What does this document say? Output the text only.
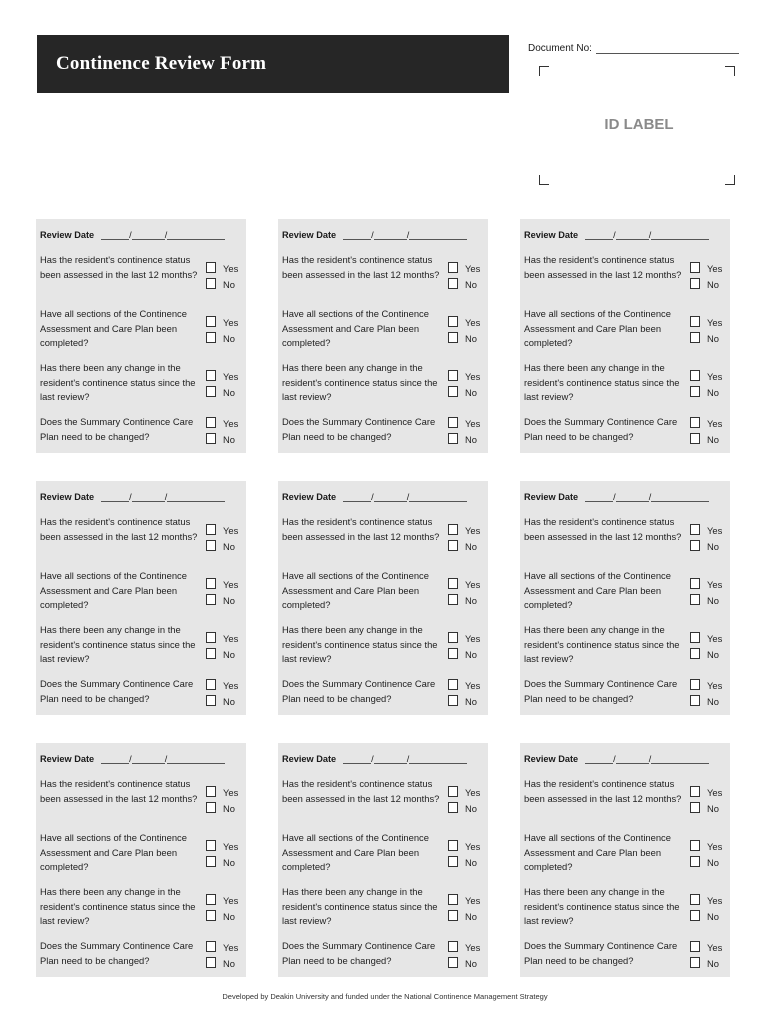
Continence Review Form
Document No:
ID LABEL
Review Date	/	/
Has the resident's continence status been assessed in the last 12 months?
Yes
No
Have all sections of the Continence Assessment and Care Plan been completed?
Yes
No
Has there been any change in the resident's continence status since the last review?
Yes
No
Does the Summary Continence Care Plan need to be changed?
Yes
No
Review Date	/	/
Has the resident's continence status been assessed in the last 12 months?
Yes
No
Have all sections of the Continence Assessment and Care Plan been completed?
Yes
No
Has there been any change in the resident's continence status since the last review?
Yes
No
Does the Summary Continence Care Plan need to be changed?
Yes
No
Review Date	/	/
Has the resident's continence status been assessed in the last 12 months?
Yes
No
Have all sections of the Continence Assessment and Care Plan been completed?
Yes
No
Has there been any change in the resident's continence status since the last review?
Yes
No
Does the Summary Continence Care Plan need to be changed?
Yes
No
Review Date	/	/
Has the resident's continence status been assessed in the last 12 months?
Yes
No
Have all sections of the Continence Assessment and Care Plan been completed?
Yes
No
Has there been any change in the resident's continence status since the last review?
Yes
No
Does the Summary Continence Care Plan need to be changed?
Yes
No
Review Date	/	/
Has the resident's continence status been assessed in the last 12 months?
Yes
No
Have all sections of the Continence Assessment and Care Plan been completed?
Yes
No
Has there been any change in the resident's continence status since the last review?
Yes
No
Does the Summary Continence Care Plan need to be changed?
Yes
No
Review Date	/	/
Has the resident's continence status been assessed in the last 12 months?
Yes
No
Have all sections of the Continence Assessment and Care Plan been completed?
Yes
No
Has there been any change in the resident's continence status since the last review?
Yes
No
Does the Summary Continence Care Plan need to be changed?
Yes
No
Review Date	/	/
Has the resident's continence status been assessed in the last 12 months?
Yes
No
Have all sections of the Continence Assessment and Care Plan been completed?
Yes
No
Has there been any change in the resident's continence status since the last review?
Yes
No
Does the Summary Continence Care Plan need to be changed?
Yes
No
Review Date	/	/
Has the resident's continence status been assessed in the last 12 months?
Yes
No
Have all sections of the Continence Assessment and Care Plan been completed?
Yes
No
Has there been any change in the resident's continence status since the last review?
Yes
No
Does the Summary Continence Care Plan need to be changed?
Yes
No
Review Date	/	/
Has the resident's continence status been assessed in the last 12 months?
Yes
No
Have all sections of the Continence Assessment and Care Plan been completed?
Yes
No
Has there been any change in the resident's continence status since the last review?
Yes
No
Does the Summary Continence Care Plan need to be changed?
Yes
No
Developed by Deakin University and funded under the National Continence Management Strategy
